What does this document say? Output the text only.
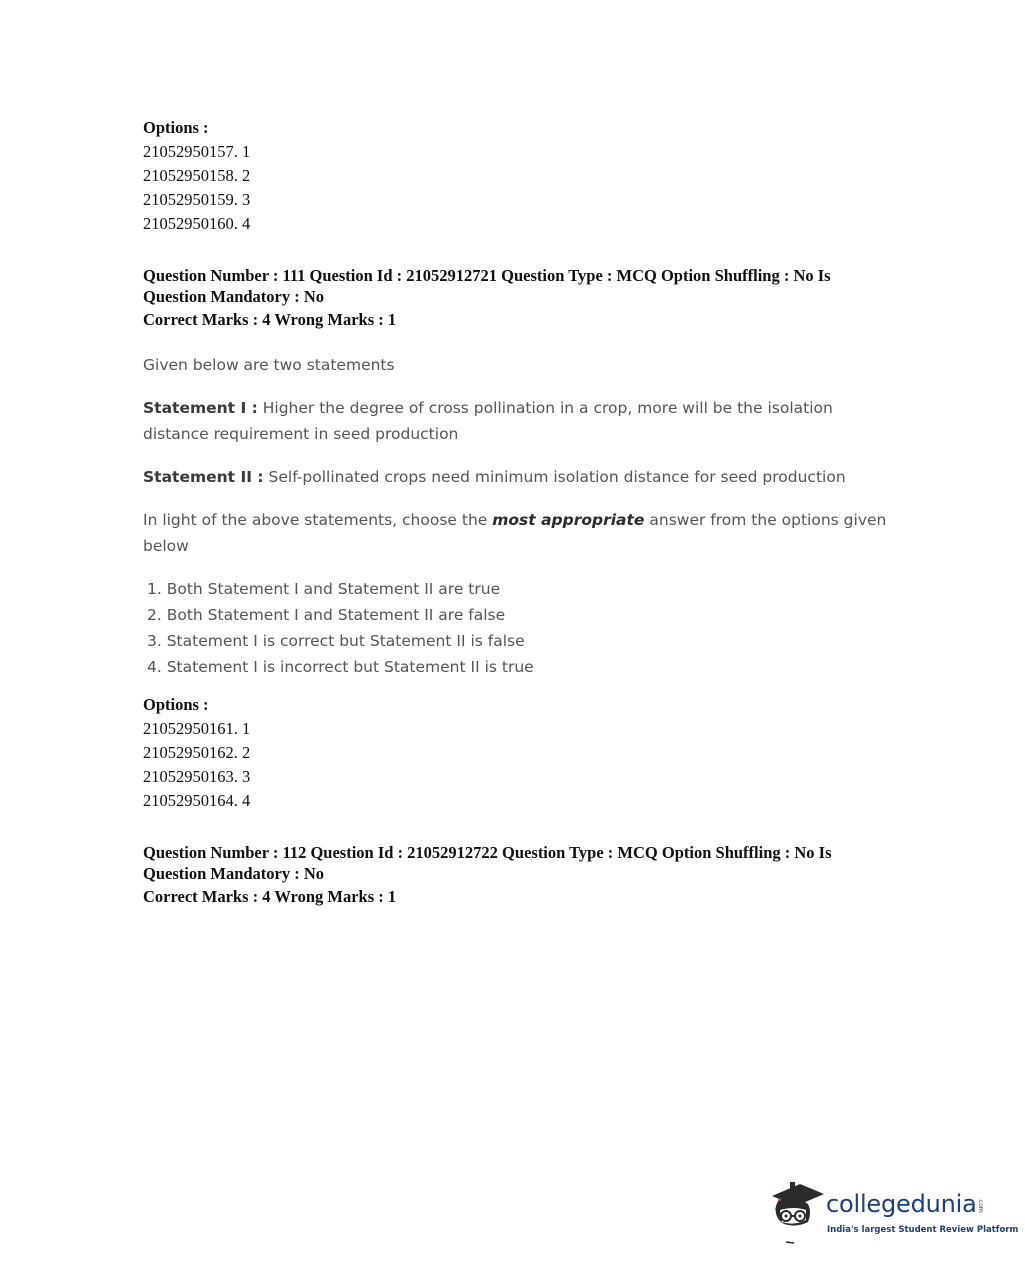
Options :
21052950157. 1
21052950158. 2
21052950159. 3
21052950160. 4
Question Number : 111 Question Id : 21052912721 Question Type : MCQ Option Shuffling : No Is
Question Mandatory : No
Correct Marks : 4 Wrong Marks : 1
Given below are two statements
Statement I : Higher the degree of cross pollination in a crop, more will be the isolation
distance requirement in seed production
Statement II : Self-pollinated crops need minimum isolation distance for seed production
In light of the above statements, choose the most appropriate answer from the options given
below
1. Both Statement I and Statement II are true
2. Both Statement I and Statement II are false
3. Statement I is correct but Statement II is false
4. Statement I is incorrect but Statement II is true
Options :
21052950161. 1
21052950162. 2
21052950163. 3
21052950164. 4
Question Number : 112 Question Id : 21052912722 Question Type : MCQ Option Shuffling : No Is
Question Mandatory : No
Correct Marks : 4 Wrong Marks : 1
collegedunia .com
India's largest Student Review Platform
